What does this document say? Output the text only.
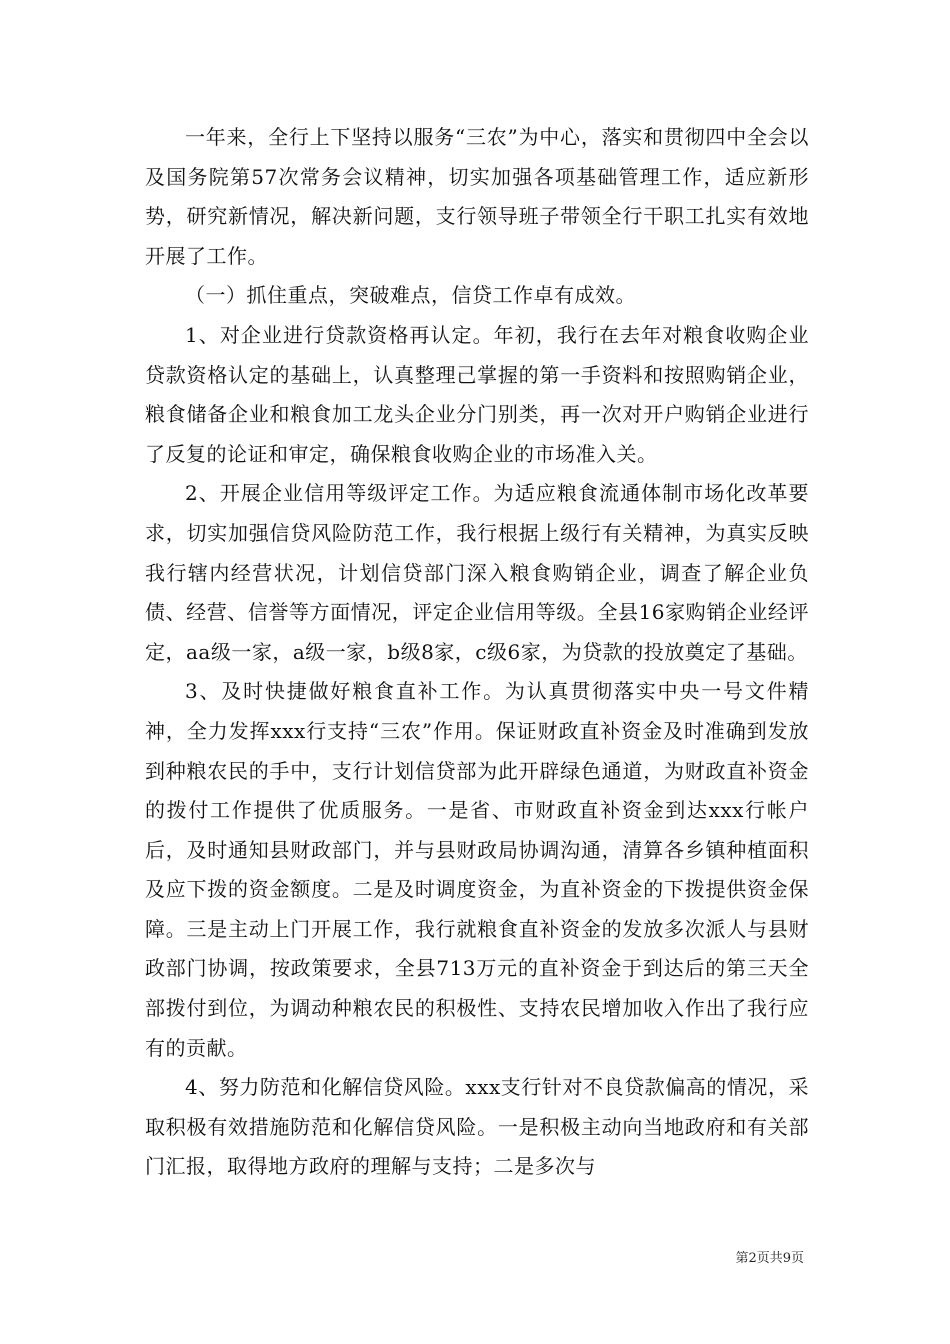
一年来，全行上下坚持以服务“三农”为中心，落实和贯彻四中全会以及国务院第57次常务会议精神，切实加强各项基础管理工作，适应新形势，研究新情况，解决新问题，支行领导班子带领全行干职工扎实有效地开展了工作。

（一）抓住重点，突破难点，信贷工作卓有成效。

1、对企业进行贷款资格再认定。年初，我行在去年对粮食收购企业贷款资格认定的基础上，认真整理己掌握的第一手资料和按照购销企业，粮食储备企业和粮食加工龙头企业分门别类，再一次对开户购销企业进行了反复的论证和审定，确保粮食收购企业的市场准入关。

2、开展企业信用等级评定工作。为适应粮食流通体制市场化改革要求，切实加强信贷风险防范工作，我行根据上级行有关精神，为真实反映我行辖内经营状况，计划信贷部门深入粮食购销企业，调查了解企业负债、经营、信誉等方面情况，评定企业信用等级。全县16家购销企业经评定，aa级一家，a级一家，b级8家，c级6家，为贷款的投放奠定了基础。

3、及时快捷做好粮食直补工作。为认真贯彻落实中央一号文件精神，全力发挥xxx行支持“三农”作用。保证财政直补资金及时准确到发放到种粮农民的手中，支行计划信贷部为此开辟绿色通道，为财政直补资金的拨付工作提供了优质服务。一是省、市财政直补资金到达xxx行帐户后，及时通知县财政部门，并与县财政局协调沟通，清算各乡镇种植面积及应下拨的资金额度。二是及时调度资金，为直补资金的下拨提供资金保障。三是主动上门开展工作，我行就粮食直补资金的发放多次派人与县财政部门协调，按政策要求，全县713万元的直补资金于到达后的第三天全部拨付到位，为调动种粮农民的积极性、支持农民增加收入作出了我行应有的贡献。

4、努力防范和化解信贷风险。xxx支行针对不良贷款偏高的情况，采取积极有效措施防范和化解信贷风险。一是积极主动向当地政府和有关部门汇报，取得地方政府的理解与支持；二是多次与

第2页共9页
